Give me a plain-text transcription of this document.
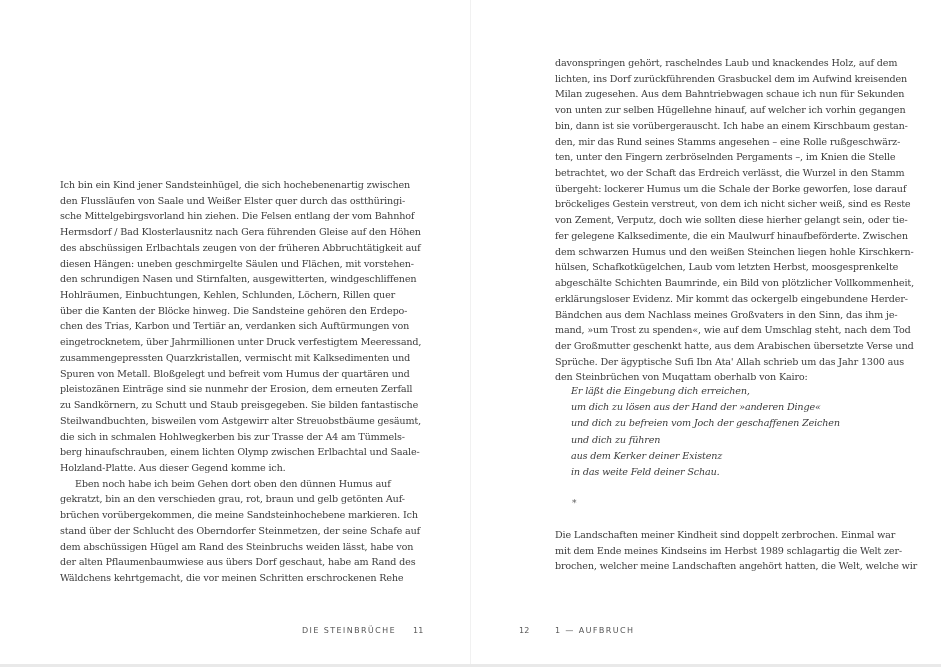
Ich bin ein Kind jener Sandsteinhügel, die sich hochebenenartig zwischen
den Flussläufen von Saale und Weißer Elster quer durch das ostthüringi-
sche Mittelgebirgsvorland hin ziehen. Die Felsen entlang der vom Bahnhof
Hermsdorf / Bad Klosterlausnitz nach Gera führenden Gleise auf den Höhen
des abschüssigen Erlbachtals zeugen von der früheren Abbruchtätigkeit auf
diesen Hängen: uneben geschmirgelte Säulen und Flächen, mit vorstehen-
den schrundigen Nasen und Stirnfalten, ausgewitterten, windgeschliffenen
Hohlräumen, Einbuchtungen, Kehlen, Schlunden, Löchern, Rillen quer
über die Kanten der Blöcke hinweg. Die Sandsteine gehören den Erdepo-
chen des Trias, Karbon und Tertiär an, verdanken sich Auftürmungen von
eingetrocknetem, über Jahrmillionen unter Druck verfestigtem Meeressand,
zusammengepressten Quarzkristallen, vermischt mit Kalksedimenten und
Spuren von Metall. Bloßgelegt und befreit vom Humus der quartären und
pleistozänen Einträge sind sie nunmehr der Erosion, dem erneuten Zerfall
zu Sandkörnern, zu Schutt und Staub preisgegeben. Sie bilden fantastische
Steilwandbuchten, bisweilen vom Astgewirr alter Streuobstbäume gesäumt,
die sich in schmalen Hohlwegkerben bis zur Trasse der A4 am Tümmels-
berg hinaufschrauben, einem lichten Olymp zwischen Erlbachtal und Saale-
Holzland-Platte. Aus dieser Gegend komme ich.
Eben noch habe ich beim Gehen dort oben den dünnen Humus auf
gekratzt, bin an den verschieden grau, rot, braun und gelb getönten Auf-
brüchen vorübergekommen, die meine Sandsteinhochebene markieren. Ich
stand über der Schlucht des Oberndorfer Steinmetzen, der seine Schafe auf
dem abschüssigen Hügel am Rand des Steinbruchs weiden lässt, habe von
der alten Pflaumenbaumwiese aus übers Dorf geschaut, habe am Rand des
Wäldchens kehrtgemacht, die vor meinen Schritten erschrockenen Rehe
davonspringen gehört, raschelndes Laub und knackendes Holz, auf dem
lichten, ins Dorf zurückführenden Grasbuckel dem im Aufwind kreisenden
Milan zugesehen. Aus dem Bahntriebwagen schaue ich nun für Sekunden
von unten zur selben Hügellehne hinauf, auf welcher ich vorhin gegangen
bin, dann ist sie vorübergerauscht. Ich habe an einem Kirschbaum gestan-
den, mir das Rund seines Stamms angesehen – eine Rolle rußgeschwärz-
ten, unter den Fingern zerbröselnden Pergaments –, im Knien die Stelle
betrachtet, wo der Schaft das Erdreich verlässt, die Wurzel in den Stamm
übergeht: lockerer Humus um die Schale der Borke geworfen, lose darauf
bröckeliges Gestein verstreut, von dem ich nicht sicher weiß, sind es Reste
von Zement, Verputz, doch wie sollten diese hierher gelangt sein, oder tie-
fer gelegene Kalksedimente, die ein Maulwurf hinaufbeförderte. Zwischen
dem schwarzen Humus und den weißen Steinchen liegen hohle Kirschkern-
hülsen, Schafkotkügelchen, Laub vom letzten Herbst, moosgesprenkelte
abgeschälte Schichten Baumrinde, ein Bild von plötzlicher Vollkommenheit,
erklärungsloser Evidenz. Mir kommt das ockergelb eingebundene Herder-
Bändchen aus dem Nachlass meines Großvaters in den Sinn, das ihm je-
mand, »um Trost zu spenden«, wie auf dem Umschlag steht, nach dem Tod
der Großmutter geschenkt hatte, aus dem Arabischen übersetzte Verse und
Sprüche. Der ägyptische Sufi Ibn Ata' Allah schrieb um das Jahr 1300 aus
den Steinbrüchen von Muqattam oberhalb von Kairo:
Er läßt die Eingebung dich erreichen,
um dich zu lösen aus der Hand der »anderen Dinge«
und dich zu befreien vom Joch der geschaffenen Zeichen
und dich zu führen
aus dem Kerker deiner Existenz
in das weite Feld deiner Schau.
*
Die Landschaften meiner Kindheit sind doppelt zerbrochen. Einmal war
mit dem Ende meines Kindseins im Herbst 1989 schlagartig die Welt zer-
brochen, welcher meine Landschaften angehört hatten, die Welt, welche wir
DIE STEINBRÜCHE 11	12	1 — AUFBRUCH
